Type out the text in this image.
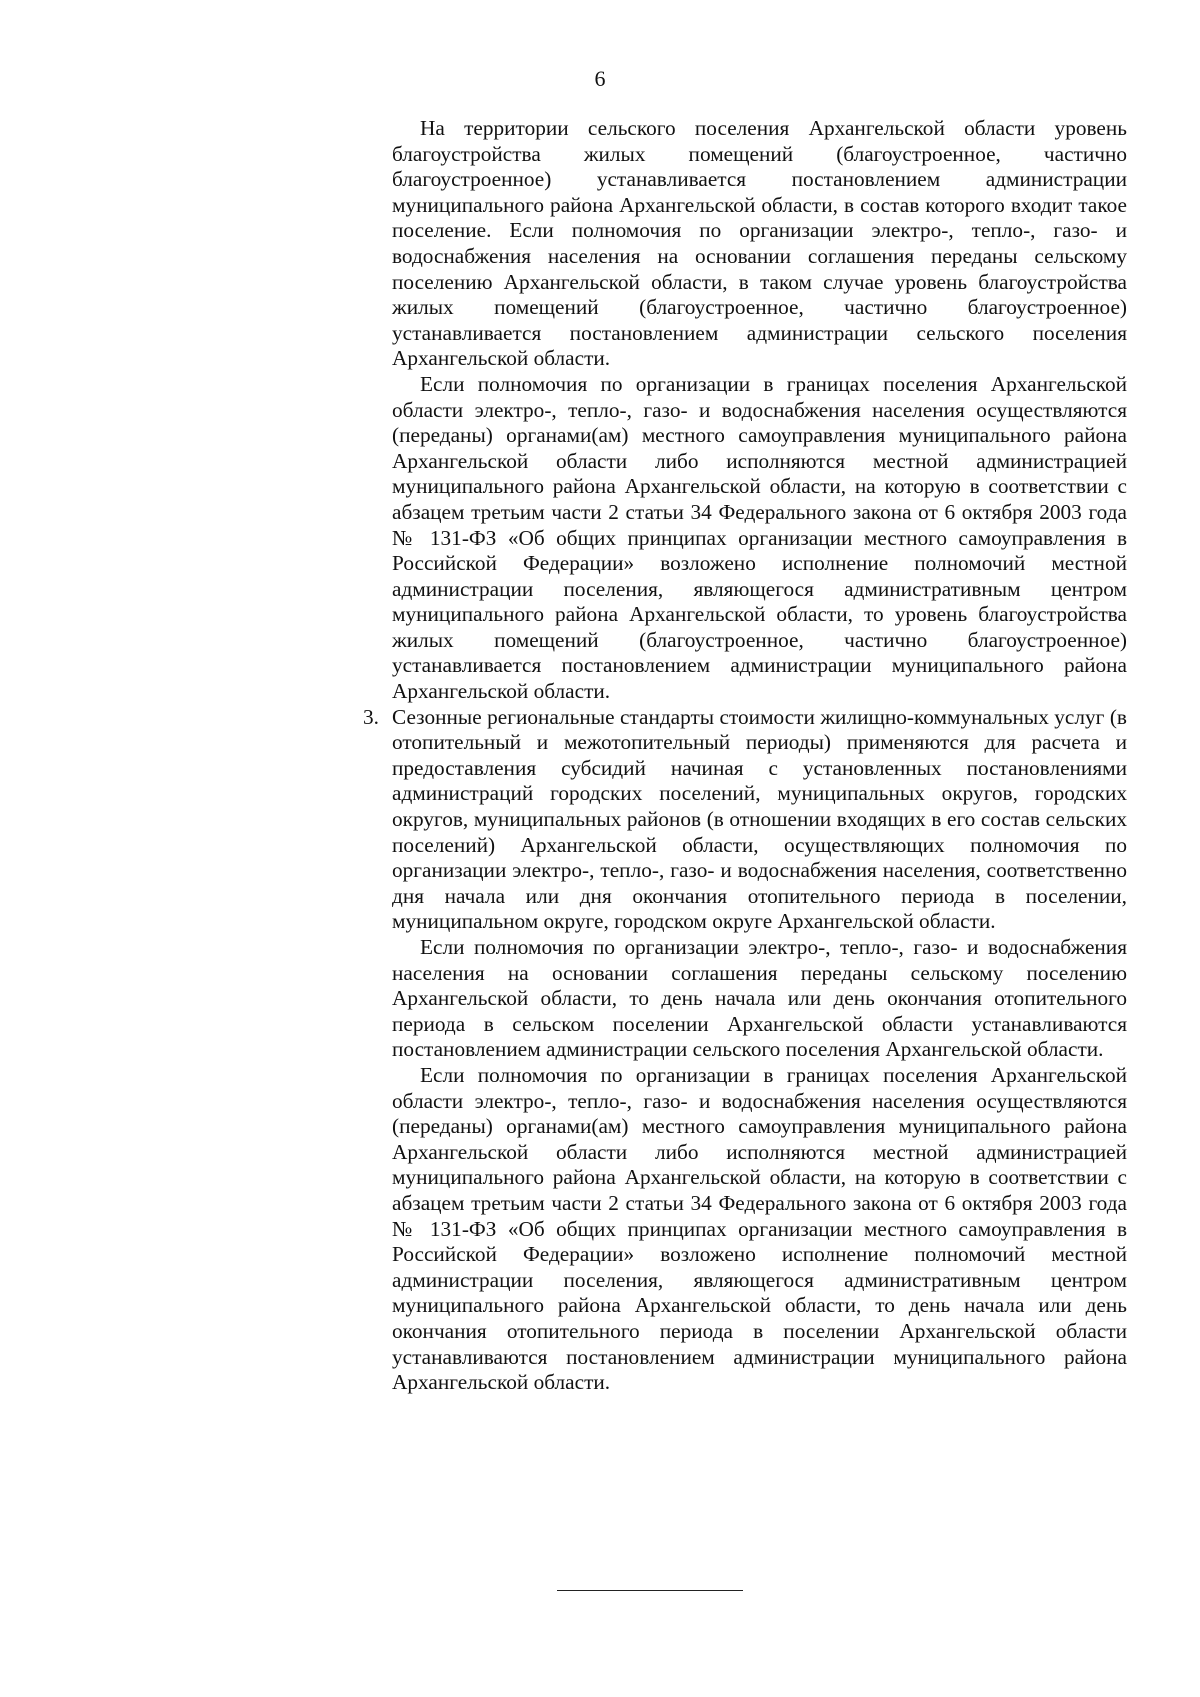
6

На территории сельского поселения Архангельской области уровень благоустройства жилых помещений (благоустроенное, частично благоустроенное) устанавливается постановлением администрации муниципального района Архангельской области, в состав которого входит такое поселение. Если полномочия по организации электро-, тепло-, газо- и водоснабжения населения на основании соглашения переданы сельскому поселению Архангельской области, в таком случае уровень благоустройства жилых помещений (благоустроенное, частично благоустроенное) устанавливается постановлением администрации сельского поселения Архангельской области.

Если полномочия по организации в границах поселения Архангельской области электро-, тепло-, газо- и водоснабжения населения осуществляются (переданы) органами(ам) местного самоуправления муниципального района Архангельской области либо исполняются местной администрацией муниципального района Архангельской области, на которую в соответствии с абзацем третьим части 2 статьи 34 Федерального закона от 6 октября 2003 года № 131-ФЗ «Об общих принципах организации местного самоуправления в Российской Федерации» возложено исполнение полномочий местной администрации поселения, являющегося административным центром муниципального района Архангельской области, то уровень благоустройства жилых помещений (благоустроенное, частично благоустроенное) устанавливается постановлением администрации муниципального района Архангельской области.

3. Сезонные региональные стандарты стоимости жилищно-коммунальных услуг (в отопительный и межотопительный периоды) применяются для расчета и предоставления субсидий начиная с установленных постановлениями администраций городских поселений, муниципальных округов, городских округов, муниципальных районов (в отношении входящих в его состав сельских поселений) Архангельской области, осуществляющих полномочия по организации электро-, тепло-, газо- и водоснабжения населения, соответственно дня начала или дня окончания отопительного периода в поселении, муниципальном округе, городском округе Архангельской области.

Если полномочия по организации электро-, тепло-, газо- и водоснабжения населения на основании соглашения переданы сельскому поселению Архангельской области, то день начала или день окончания отопительного периода в сельском поселении Архангельской области устанавливаются постановлением администрации сельского поселения Архангельской области.

Если полномочия по организации в границах поселения Архангельской области электро-, тепло-, газо- и водоснабжения населения осуществляются (переданы) органами(ам) местного самоуправления муниципального района Архангельской области либо исполняются местной администрацией муниципального района Архангельской области, на которую в соответствии с абзацем третьим части 2 статьи 34 Федерального закона от 6 октября 2003 года № 131-ФЗ «Об общих принципах организации местного самоуправления в Российской Федерации» возложено исполнение полномочий местной администрации поселения, являющегося административным центром муниципального района Архангельской области, то день начала или день окончания отопительного периода в поселении Архангельской области устанавливаются постановлением администрации муниципального района Архангельской области.
